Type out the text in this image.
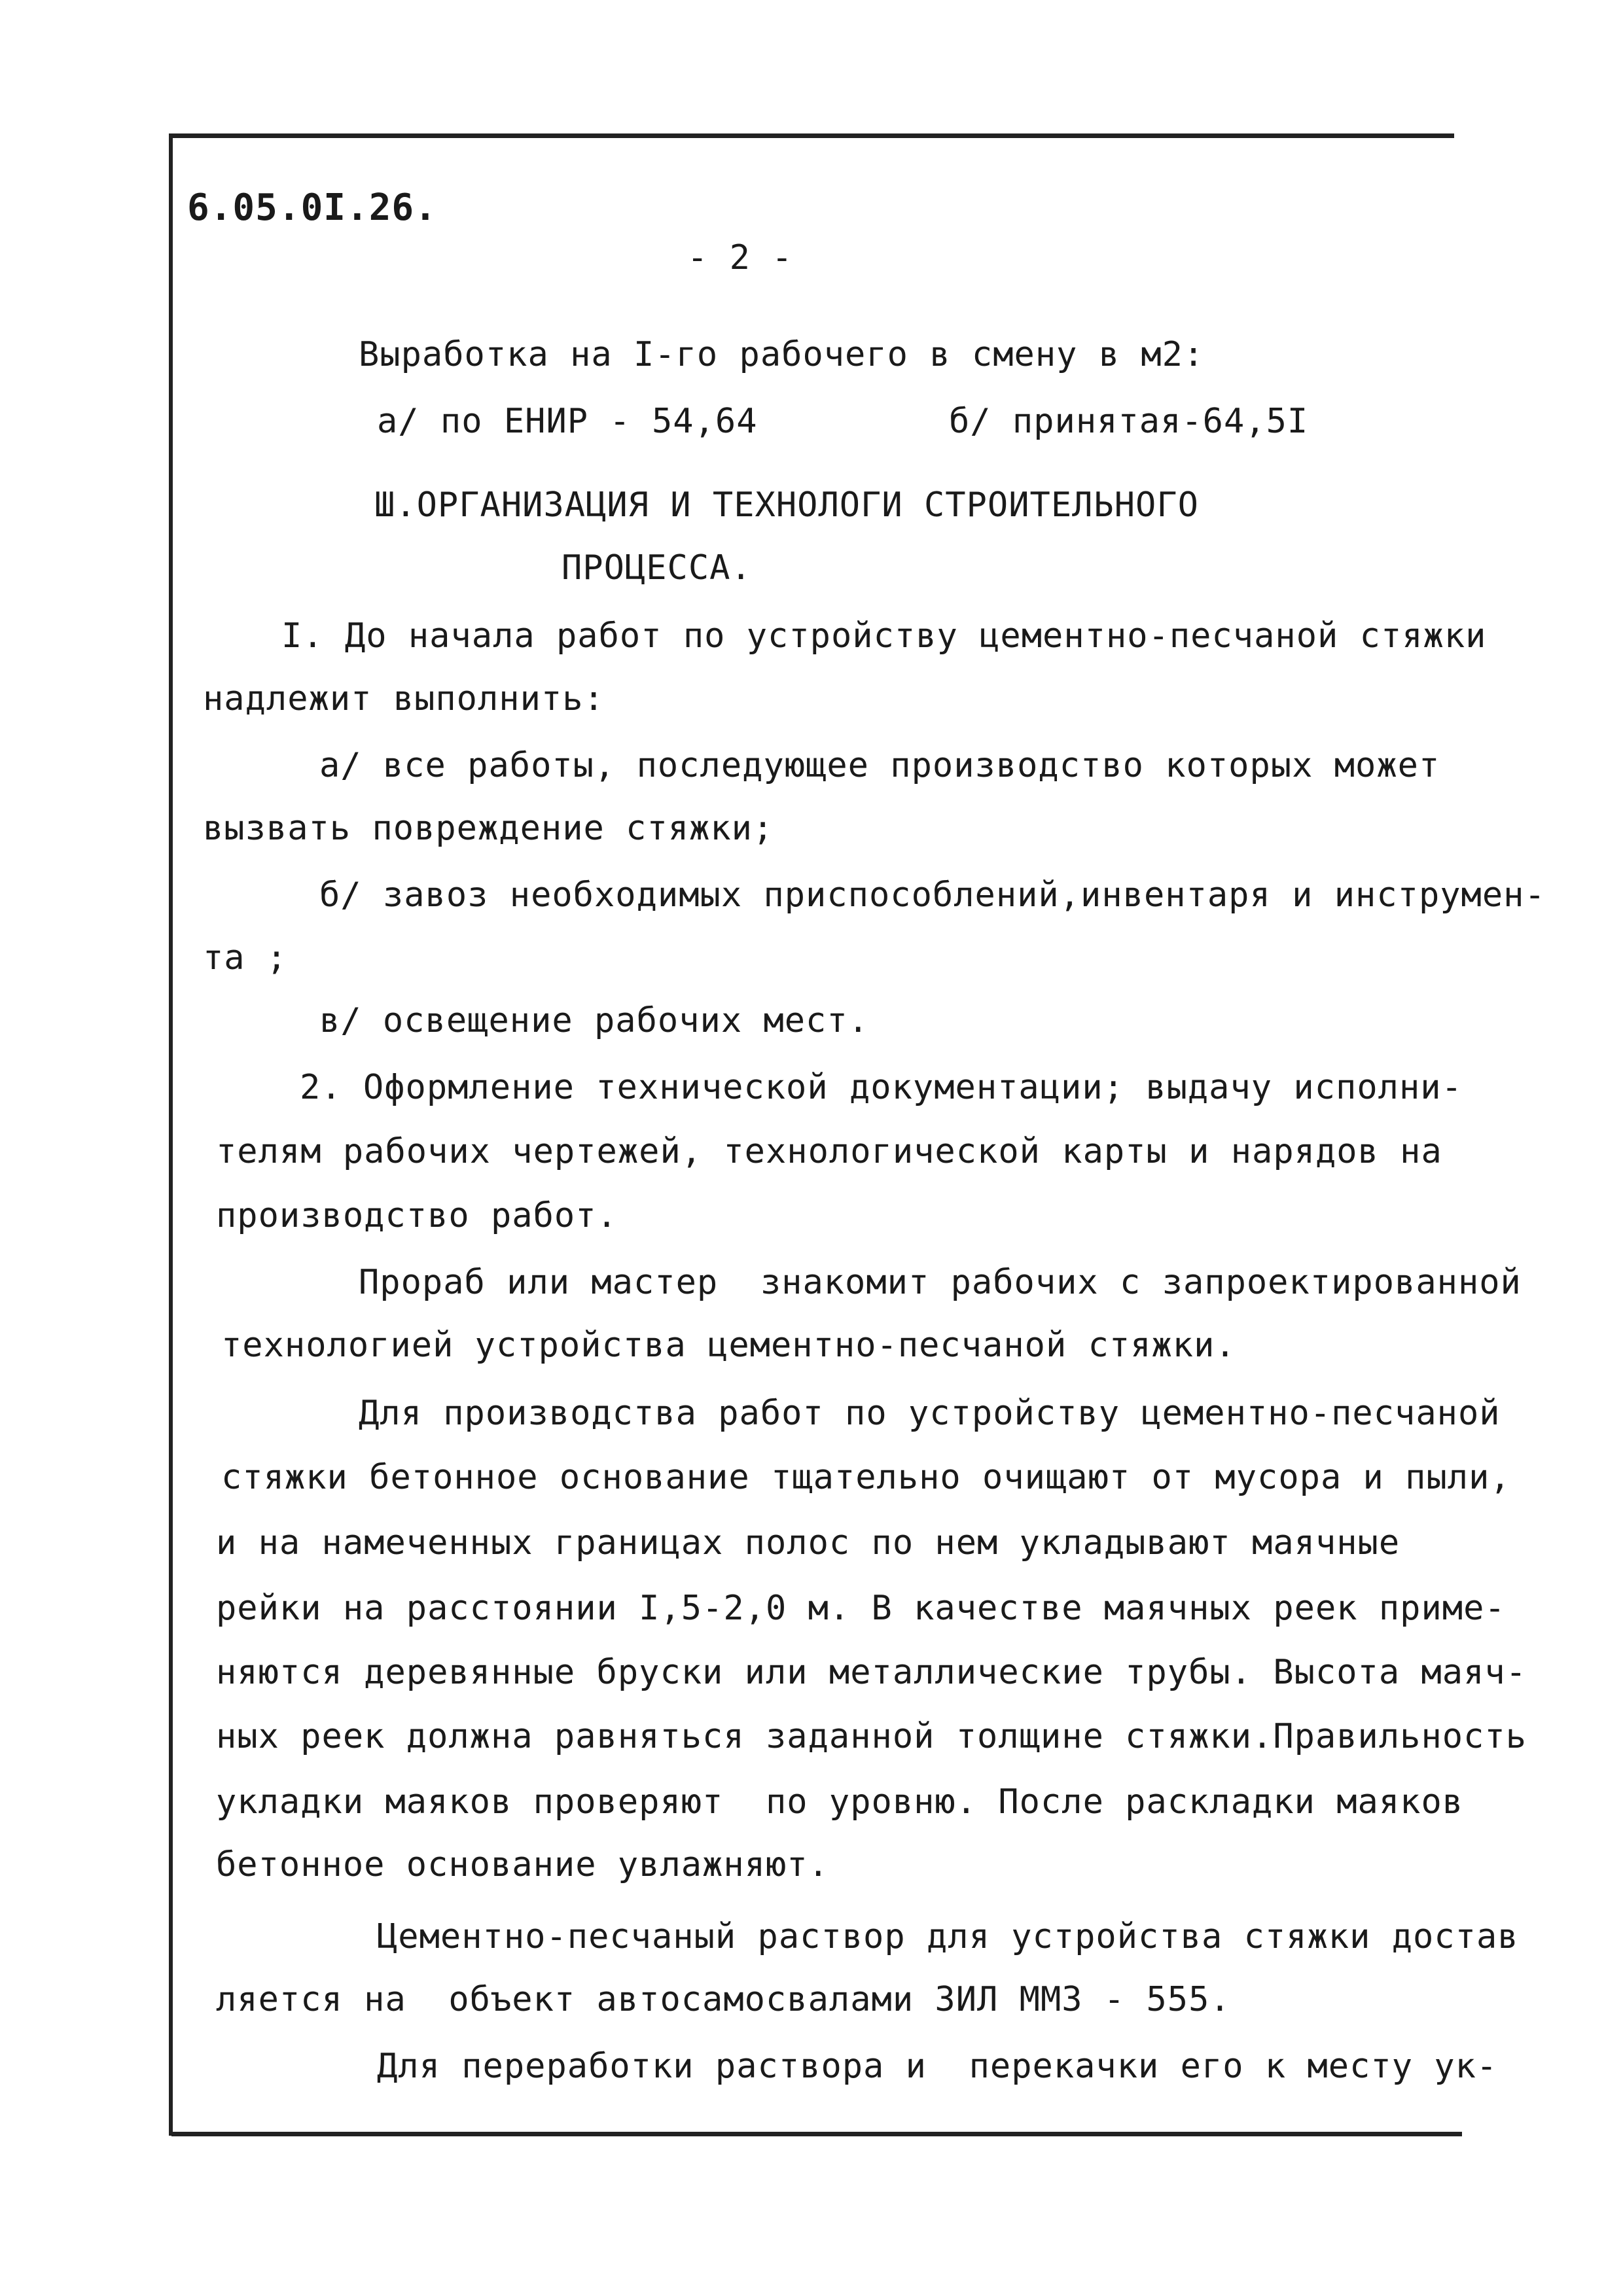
6.05.0I.26.
- 2 -
Выработка на I-го рабочего в смену в м2:
а/ по ЕНИР - 54,64	б/ принятая-64,5I
Ш.ОРГАНИЗАЦИЯ И ТЕХНОЛОГИ СТРОИТЕЛЬНОГО
ПРОЦЕССА.
I. До начала работ по устройству цементно-песчаной стяжки
надлежит выполнить:
а/ все работы, последующее производство которых может
вызвать повреждение стяжки;
б/ завоз необходимых приспособлений,инвентаря и инструмен-
та ;
в/ освещение рабочих мест.
2. Оформление технической документации; выдачу исполни-
телям рабочих чертежей, технологической карты и нарядов на
производство работ.
Прораб или мастер  знакомит рабочих с запроектированной
технологией устройства цементно-песчаной стяжки.
Для производства работ по устройству цементно-песчаной
стяжки бетонное основание тщательно очищают от мусора и пыли,
и на намеченных границах полос по нем укладывают маячные
рейки на расстоянии I,5-2,0 м. В качестве маячных реек приме-
няются деревянные бруски или металлические трубы. Высота маяч-
ных реек должна равняться заданной толщине стяжки.Правильность
укладки маяков проверяют  по уровню. После раскладки маяков
бетонное основание увлажняют.
Цементно-песчаный раствор для устройства стяжки достав
ляется на  объект автосамосвалами ЗИЛ ММЗ - 555.
Для переработки раствора и  перекачки его к месту ук-
